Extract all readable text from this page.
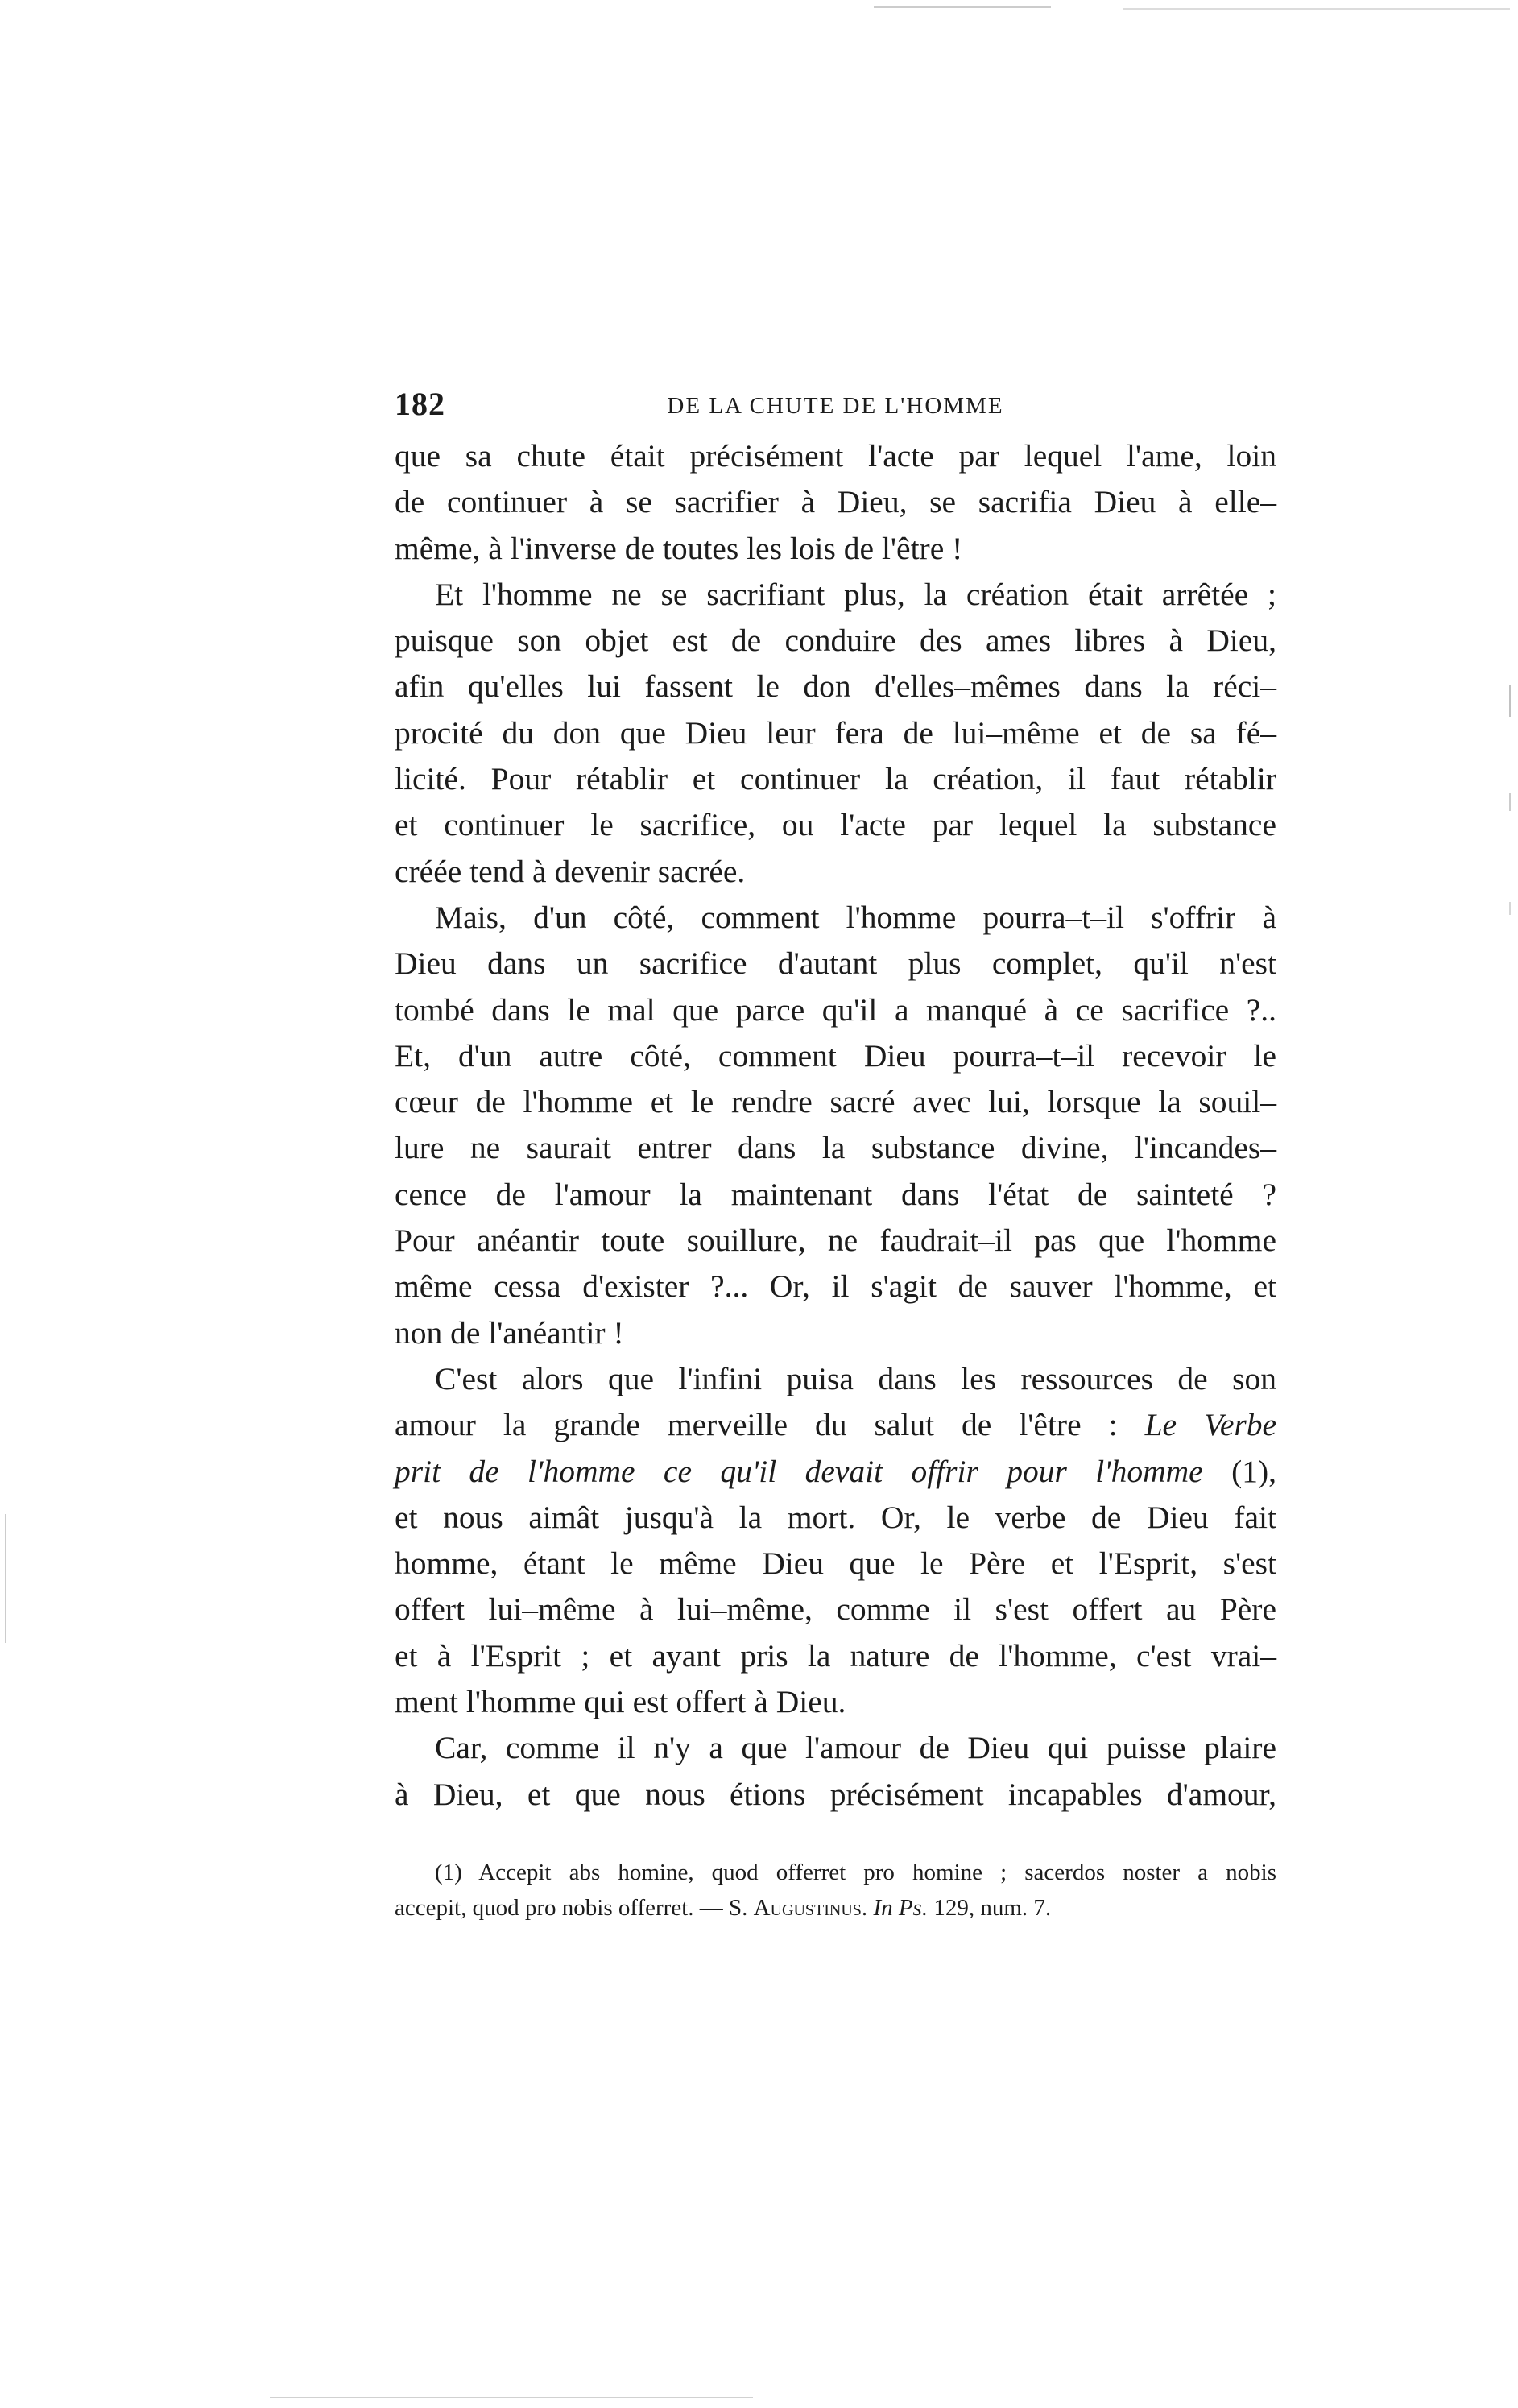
182	DE LA CHUTE DE L'HOMME
que sa chute était précisément l'acte par lequel l'ame, loin
de continuer à se sacrifier à Dieu, se sacrifia Dieu à elle–
même, à l'inverse de toutes les lois de l'être !
Et l'homme ne se sacrifiant plus, la création était arrêtée ;
puisque son objet est de conduire des ames libres à Dieu,
afin qu'elles lui fassent le don d'elles–mêmes dans la réci–
procité du don que Dieu leur fera de lui–même et de sa fé–
licité. Pour rétablir et continuer la création, il faut rétablir
et continuer le sacrifice, ou l'acte par lequel la substance
créée tend à devenir sacrée.
Mais, d'un côté, comment l'homme pourra–t–il s'offrir à
Dieu dans un sacrifice d'autant plus complet, qu'il n'est
tombé dans le mal que parce qu'il a manqué à ce sacrifice ?..
Et, d'un autre côté, comment Dieu pourra–t–il recevoir le
cœur de l'homme et le rendre sacré avec lui, lorsque la souil–
lure ne saurait entrer dans la substance divine, l'incandes–
cence de l'amour la maintenant dans l'état de sainteté ?
Pour anéantir toute souillure, ne faudrait–il pas que l'homme
même cessa d'exister ?... Or, il s'agit de sauver l'homme, et
non de l'anéantir !
C'est alors que l'infini puisa dans les ressources de son
amour la grande merveille du salut de l'être : Le Verbe
prit de l'homme ce qu'il devait offrir pour l'homme (1),
et nous aimât jusqu'à la mort. Or, le verbe de Dieu fait
homme, étant le même Dieu que le Père et l'Esprit, s'est
offert lui–même à lui–même, comme il s'est offert au Père
et à l'Esprit ; et ayant pris la nature de l'homme, c'est vrai–
ment l'homme qui est offert à Dieu.
Car, comme il n'y a que l'amour de Dieu qui puisse plaire
à Dieu, et que nous étions précisément incapables d'amour,
(1) Accepit abs homine, quod offerret pro homine ; sacerdos noster a nobis
accepit, quod pro nobis offerret. — S. Augustinus. In Ps. 129, num. 7.
